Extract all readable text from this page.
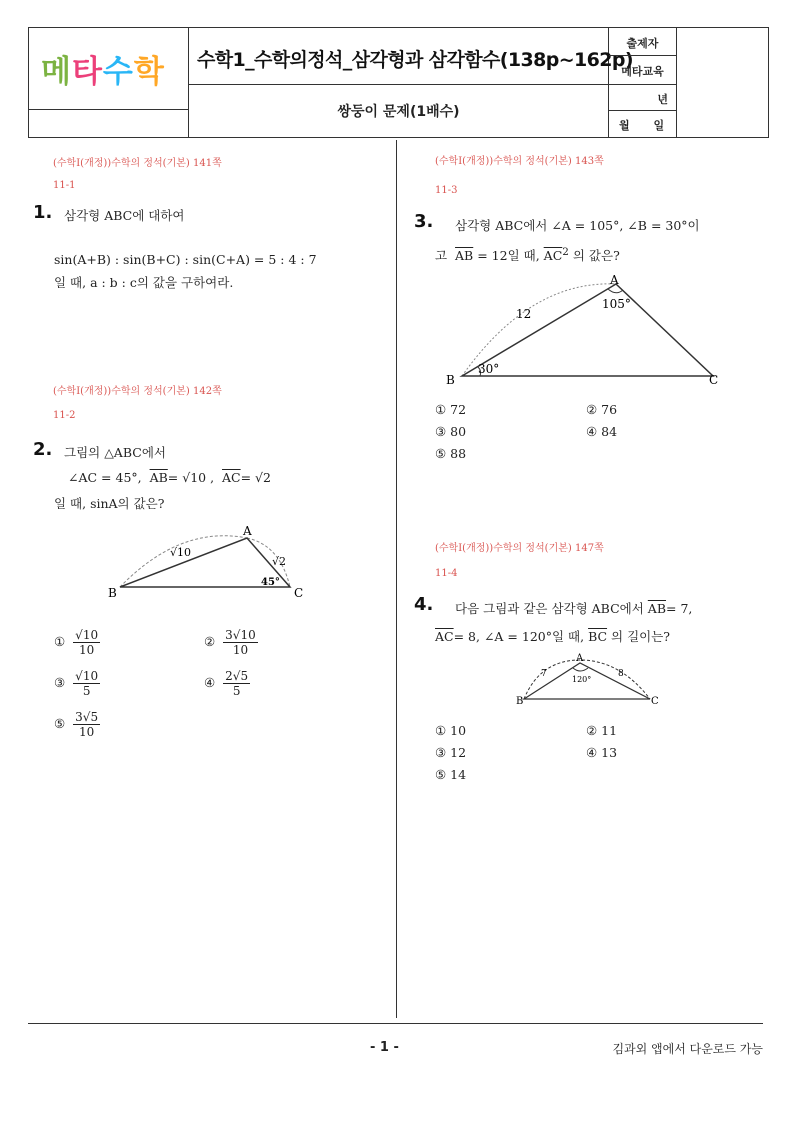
메 타 수 학 수학1_수학의정석_삼각형과 삼각함수(138p~162p)
쌍둥이 문제(1배수)
출제자
메타교육
년
월 일
(수학I(개정))수학의 정석(기본) 141쪽
11-1
1. 삼각형 ABC에 대하여
sin(A+B) : sin(B+C) : sin(C+A) = 5 : 4 : 7
일 때, a : b : c의 값을 구하여라.
(수학I(개정))수학의 정석(기본) 142쪽
11-2
2. 그림의 △ABC에서
∠AC = 45°, $\overline{AB}= √10$ , $\overline{AC}= √2$
일 때, sinA의 값은?
A
B	C
√10
√2
45°
① $\frac{√10}{10}$	② $\frac{3√10}{10}$
③ $\frac{√10}{5}$	④ $\frac{2√5}{5}$
⑤ $\frac{3√5}{10}$
(수학I(개정))수학의 정석(기본) 143쪽
11-3
3. 삼각형 ABC에서 ∠A = 105°, ∠B = 30°이
고 $\overline{AB} = 12$일 때, $\overline{AC}^2$ 의 값은?
A
B	C
12
105°
30°
① 72	② 76
③ 80	④ 84
⑤ 88
(수학I(개정))수학의 정석(기본) 147쪽
11-4
4. 다음 그림과 같은 삼각형 ABC에서 $\overline{AB}= 7$,
$\overline{AC}= 8$, ∠A = 120°일 때, $\overline{BC}$ 의 길이는?
A
B	C
7	8
120°
① 10	② 11
③ 12	④ 13
⑤ 14
- 1 -	김과외 앱에서 다운로드 가능
